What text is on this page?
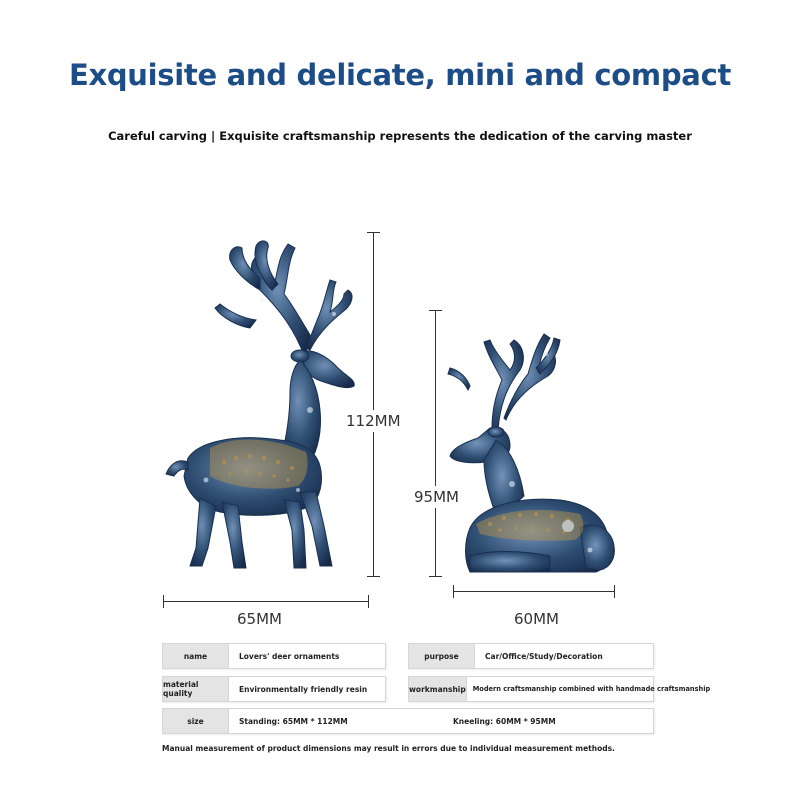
Exquisite and delicate, mini and compact
Careful carving | Exquisite craftsmanship represents the dedication of the carving master
112MM
65MM
95MM
60MM
name	Lovers' deer ornaments	purpose	Car/Office/Study/Decoration
material quality	Environmentally friendly resin	workmanship	Modern craftsmanship combined with handmade craftsmanship
size	Standing: 65MM * 112MM	Kneeling: 60MM * 95MM
Manual measurement of product dimensions may result in errors due to individual measurement methods.
